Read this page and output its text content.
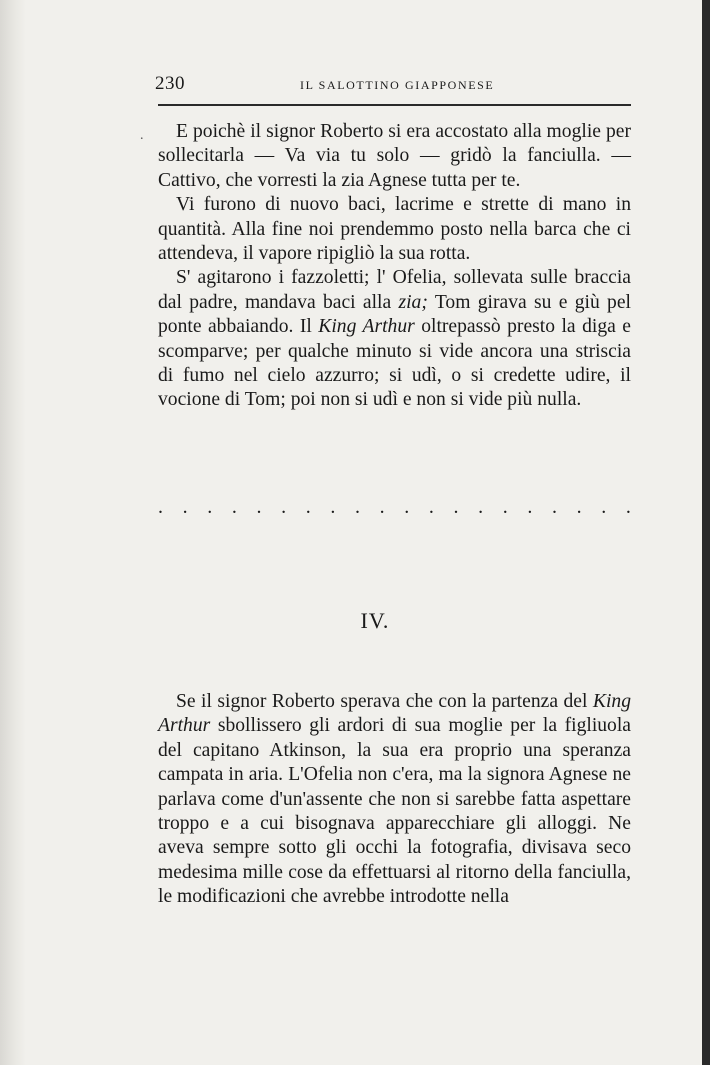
230	IL SALOTTINO GIAPPONESE
.	E poichè il signor Roberto si era accostato alla moglie per sollecitarla — Va via tu solo — gridò la fanciulla. — Cattivo, che vorresti la zia Agnese tutta per te.

Vi furono di nuovo baci, lacrime e strette di mano in quantità. Alla fine noi prendemmo posto nella barca che ci attendeva, il vapore ripigliò la sua rotta.

S' agitarono i fazzoletti; l' Ofelia, sollevata sulle braccia dal padre, mandava baci alla zia; Tom girava su e giù pel ponte abbaiando. Il King Arthur oltrepassò presto la diga e scomparve; per qualche minuto si vide ancora una striscia di fumo nel cielo azzurro; si udì, o si credette udire, il vocione di Tom; poi non si udì e non si vide più nulla.

. . . . . . . . . . . . . . . . . . . .
IV.

Se il signor Roberto sperava che con la partenza del King Arthur sbollissero gli ardori di sua moglie per la figliuola del capitano Atkinson, la sua era proprio una speranza campata in aria. L'Ofelia non c'era, ma la signora Agnese ne parlava come d'un'assente che non si sarebbe fatta aspettare troppo e a cui bisognava apparecchiare gli alloggi. Ne aveva sempre sotto gli occhi la fotografia, divisava seco medesima mille cose da effettuarsi al ritorno della fanciulla, le modificazioni che avrebbe introdotte nella
